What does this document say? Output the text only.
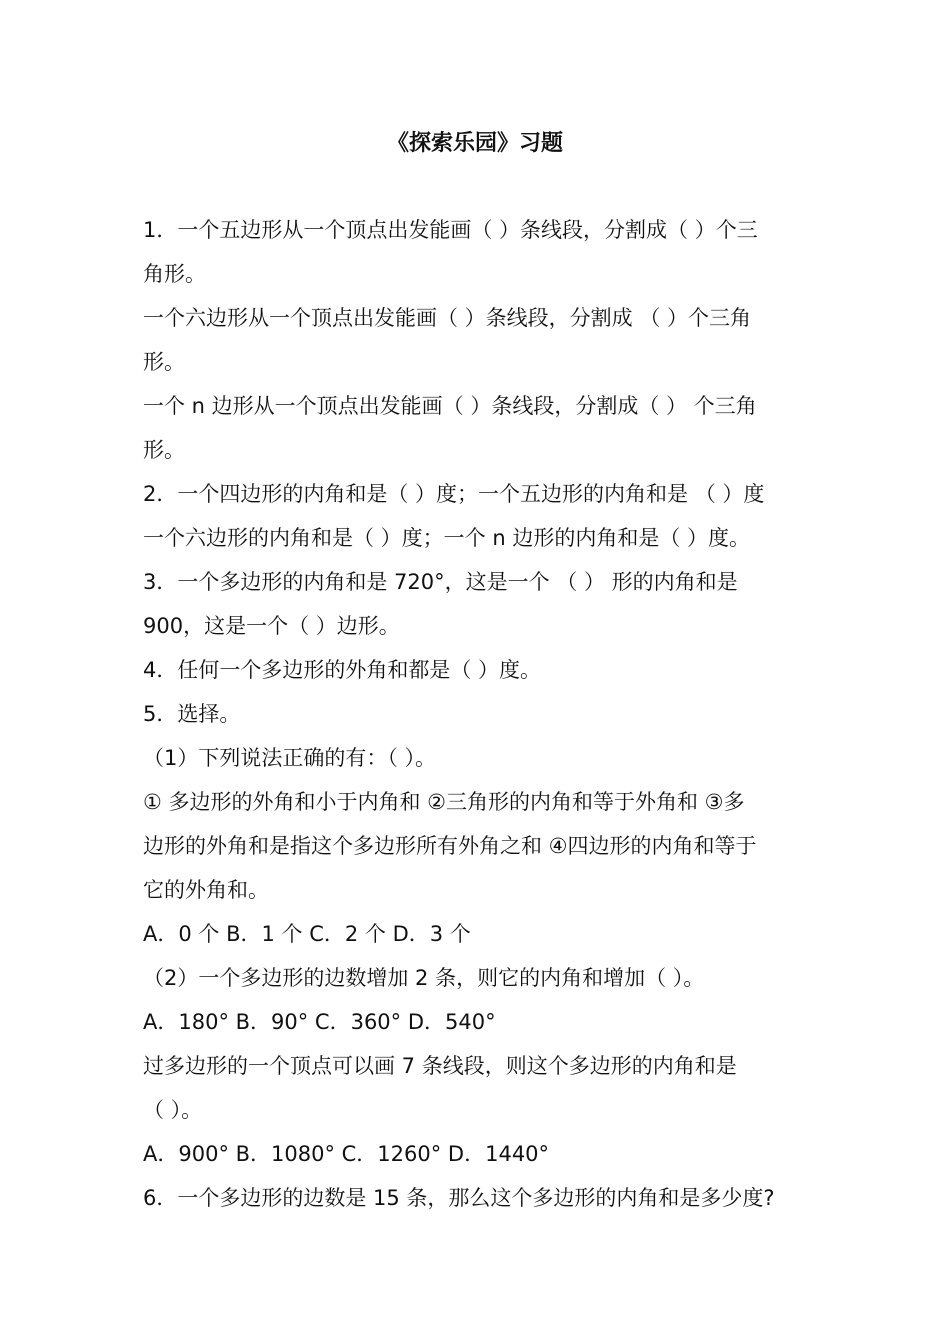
《探索乐园》习题
1．一个五边形从一个顶点出发能画（ ）条线段，分割成（ ）个三
角形。
一个六边形从一个顶点出发能画（ ）条线段，分割成 （ ）个三角
形。
一个 n 边形从一个顶点出发能画（ ）条线段，分割成（ ） 个三角
形。
2．一个四边形的内角和是（ ）度；一个五边形的内角和是 （ ）度
一个六边形的内角和是（ ）度；一个 n 边形的内角和是（ ）度。
3．一个多边形的内角和是 720°，这是一个 （ ） 形的内角和是
900，这是一个（ ）边形。
4．任何一个多边形的外角和都是（ ）度。
5．选择。
（1）下列说法正确的有：（ ）。
① 多边形的外角和小于内角和 ②三角形的内角和等于外角和 ③多
边形的外角和是指这个多边形所有外角之和 ④四边形的内角和等于
它的外角和。
A．0 个 B．1 个 C．2 个 D．3 个
（2）一个多边形的边数增加 2 条，则它的内角和增加（ ）。
A．180° B．90° C．360° D．540°
过多边形的一个顶点可以画 7 条线段，则这个多边形的内角和是
（ ）。
A．900° B．1080° C．1260° D．1440°
6．一个多边形的边数是 15 条，那么这个多边形的内角和是多少度?
